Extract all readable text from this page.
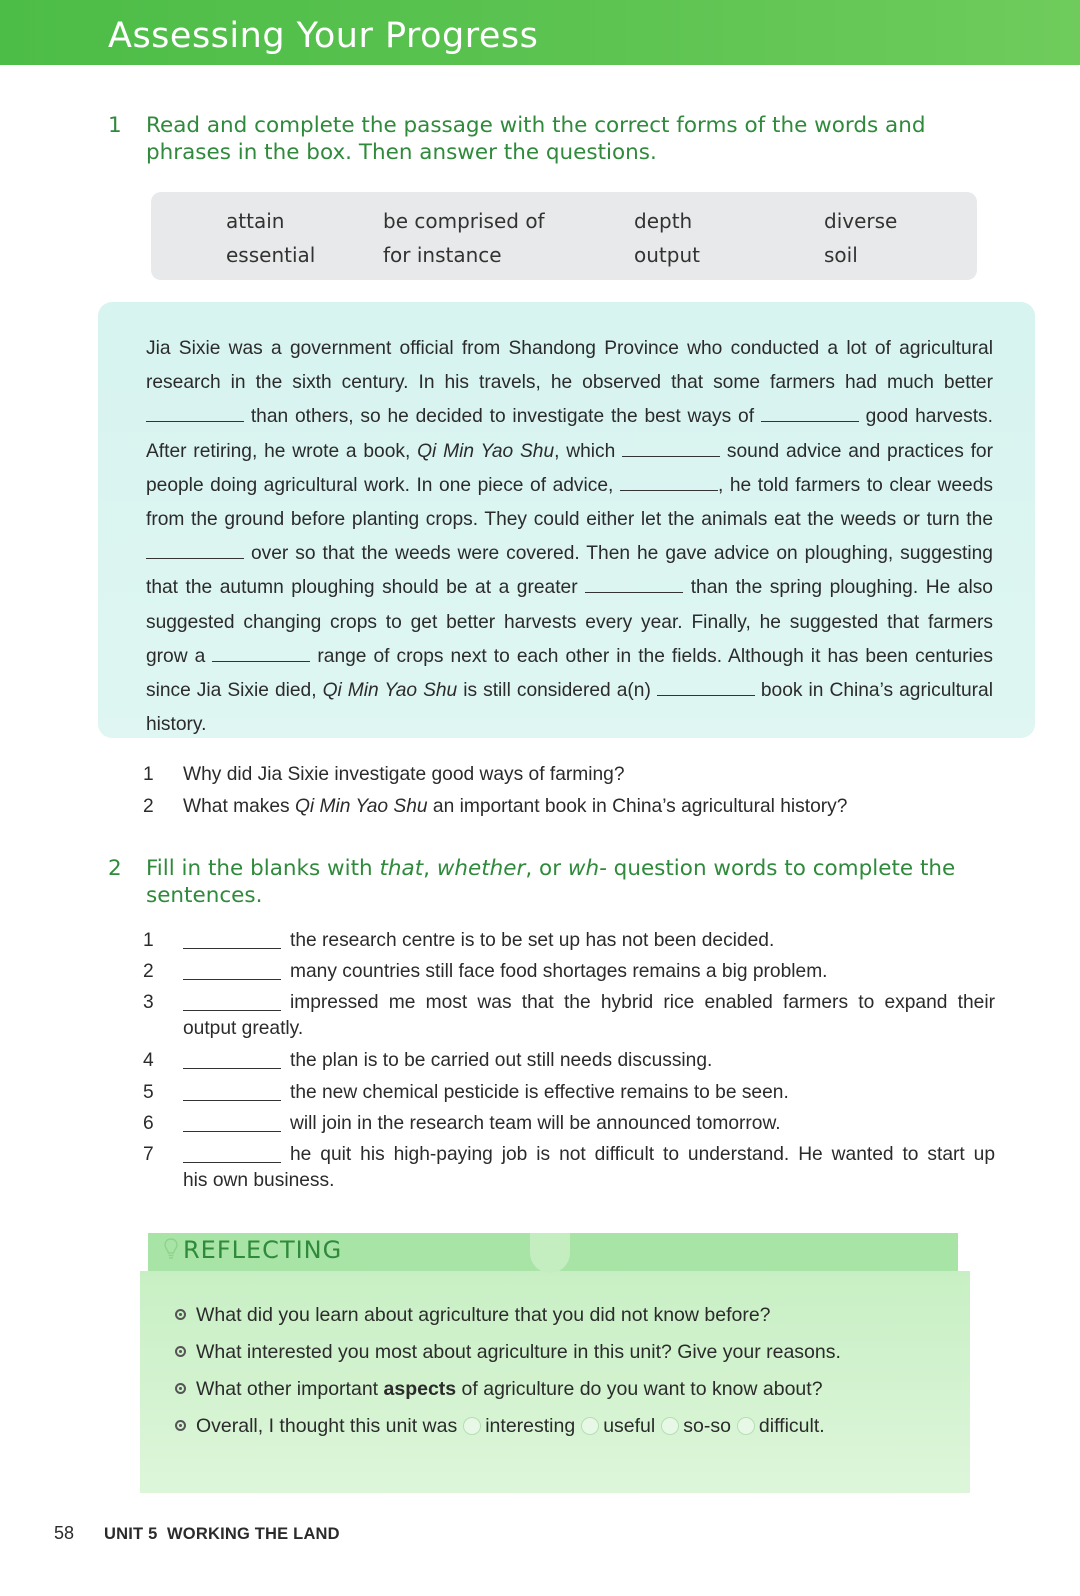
Assessing Your Progress
1	Read and complete the passage with the correct forms of the words and phrases in the box. Then answer the questions.
attain	be comprised of	depth	diverse
essential	for instance	output	soil

Jia Sixie was a government official from Shandong Province who conducted a lot of agricultural research in the sixth century. In his travels, he observed that some farmers had much better  than others, so he decided to investigate the best ways of	good harvests. After retiring, he wrote a book, Qi Min Yao Shu, which	sound advice and practices for people doing agricultural work. In one piece of advice,	, he told farmers to clear weeds from the ground before planting crops. They could either let the animals eat the weeds or turn the  over so that the weeds were covered. Then he gave advice on ploughing, suggesting that the autumn ploughing should be at a greater	than the spring ploughing. He also suggested changing crops to get better harvests every year. Finally, he suggested that farmers grow a	range of crops next to each other in the fields. Although it has been centuries since Jia Sixie died, Qi Min Yao Shu is still considered a(n)	book in China’s agricultural history.

1	Why did Jia Sixie investigate good ways of farming?
2	What makes Qi Min Yao Shu an important book in China’s agricultural history?
2	Fill in the blanks with that, whether, or wh- question words to complete the sentences.
1	the research centre is to be set up has not been decided.
2	many countries still face food shortages remains a big problem.
3	impressed me most was that the hybrid rice enabled farmers to expand their
output greatly.
4	the plan is to be carried out still needs discussing.
5	the new chemical pesticide is effective remains to be seen.
6	will join in the research team will be announced tomorrow.
7	he quit his high-paying job is not difficult to understand. He wanted to start up
his own business.
REFLECTING
What did you learn about agriculture that you did not know before?
What interested you most about agriculture in this unit? Give your reasons.
What other important aspects of agriculture do you want to know about?
Overall, I thought this unit was interesting useful so-so difficult.
58 UNIT 5  WORKING THE LAND
